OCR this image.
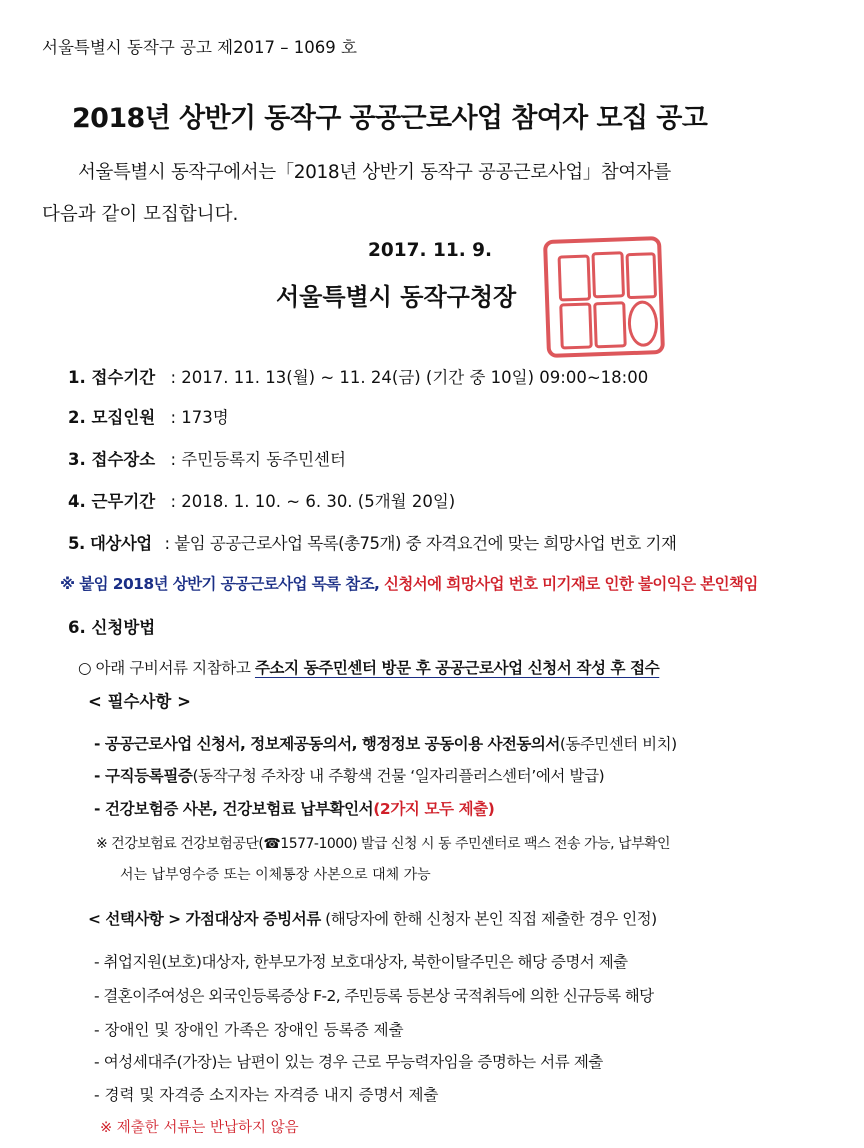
서울특별시 동작구 공고 제2017 – 1069 호
2018년 상반기 동작구 공공근로사업 참여자 모집 공고
서울특별시 동작구에서는「2018년 상반기 동작구 공공근로사업」참여자를
다음과 같이 모집합니다.
2017. 11. 9.
서울특별시 동작구청장
1. 접수기간 : 2017. 11. 13(월) ~ 11. 24(금) (기간 중 10일) 09:00~18:00
2. 모집인원 : 173명
3. 접수장소 : 주민등록지 동주민센터
4. 근무기간 : 2018. 1. 10. ~ 6. 30. (5개월 20일)
5. 대상사업 : 붙임 공공근로사업 목록(총75개) 중 자격요건에 맞는 희망사업 번호 기재
※ 붙임 2018년 상반기 공공근로사업 목록 참조, 신청서에 희망사업 번호 미기재로 인한 불이익은 본인책임
6. 신청방법
○ 아래 구비서류 지참하고 주소지 동주민센터 방문 후 공공근로사업 신청서 작성 후 접수
< 필수사항 >
- 공공근로사업 신청서, 정보제공동의서, 행정정보 공동이용 사전동의서(동주민센터 비치)
- 구직등록필증(동작구청 주차장 내 주황색 건물 ‘일자리플러스센터’에서 발급)
- 건강보험증 사본, 건강보험료 납부확인서(2가지 모두 제출)
※ 건강보험료 건강보험공단(☎1577-1000) 발급 신청 시 동 주민센터로 팩스 전송 가능, 납부확인
서는 납부영수증 또는 이체통장 사본으로 대체 가능
< 선택사항 > 가점대상자 증빙서류 (해당자에 한해 신청자 본인 직접 제출한 경우 인정)
- 취업지원(보호)대상자, 한부모가정 보호대상자, 북한이탈주민은 해당 증명서 제출
- 결혼이주여성은 외국인등록증상 F-2, 주민등록 등본상 국적취득에 의한 신규등록 해당
- 장애인 및 장애인 가족은 장애인 등록증 제출
- 여성세대주(가장)는 남편이 있는 경우 근로 무능력자임을 증명하는 서류 제출
- 경력 및 자격증 소지자는 자격증 내지 증명서 제출
※ 제출한 서류는 반납하지 않음
